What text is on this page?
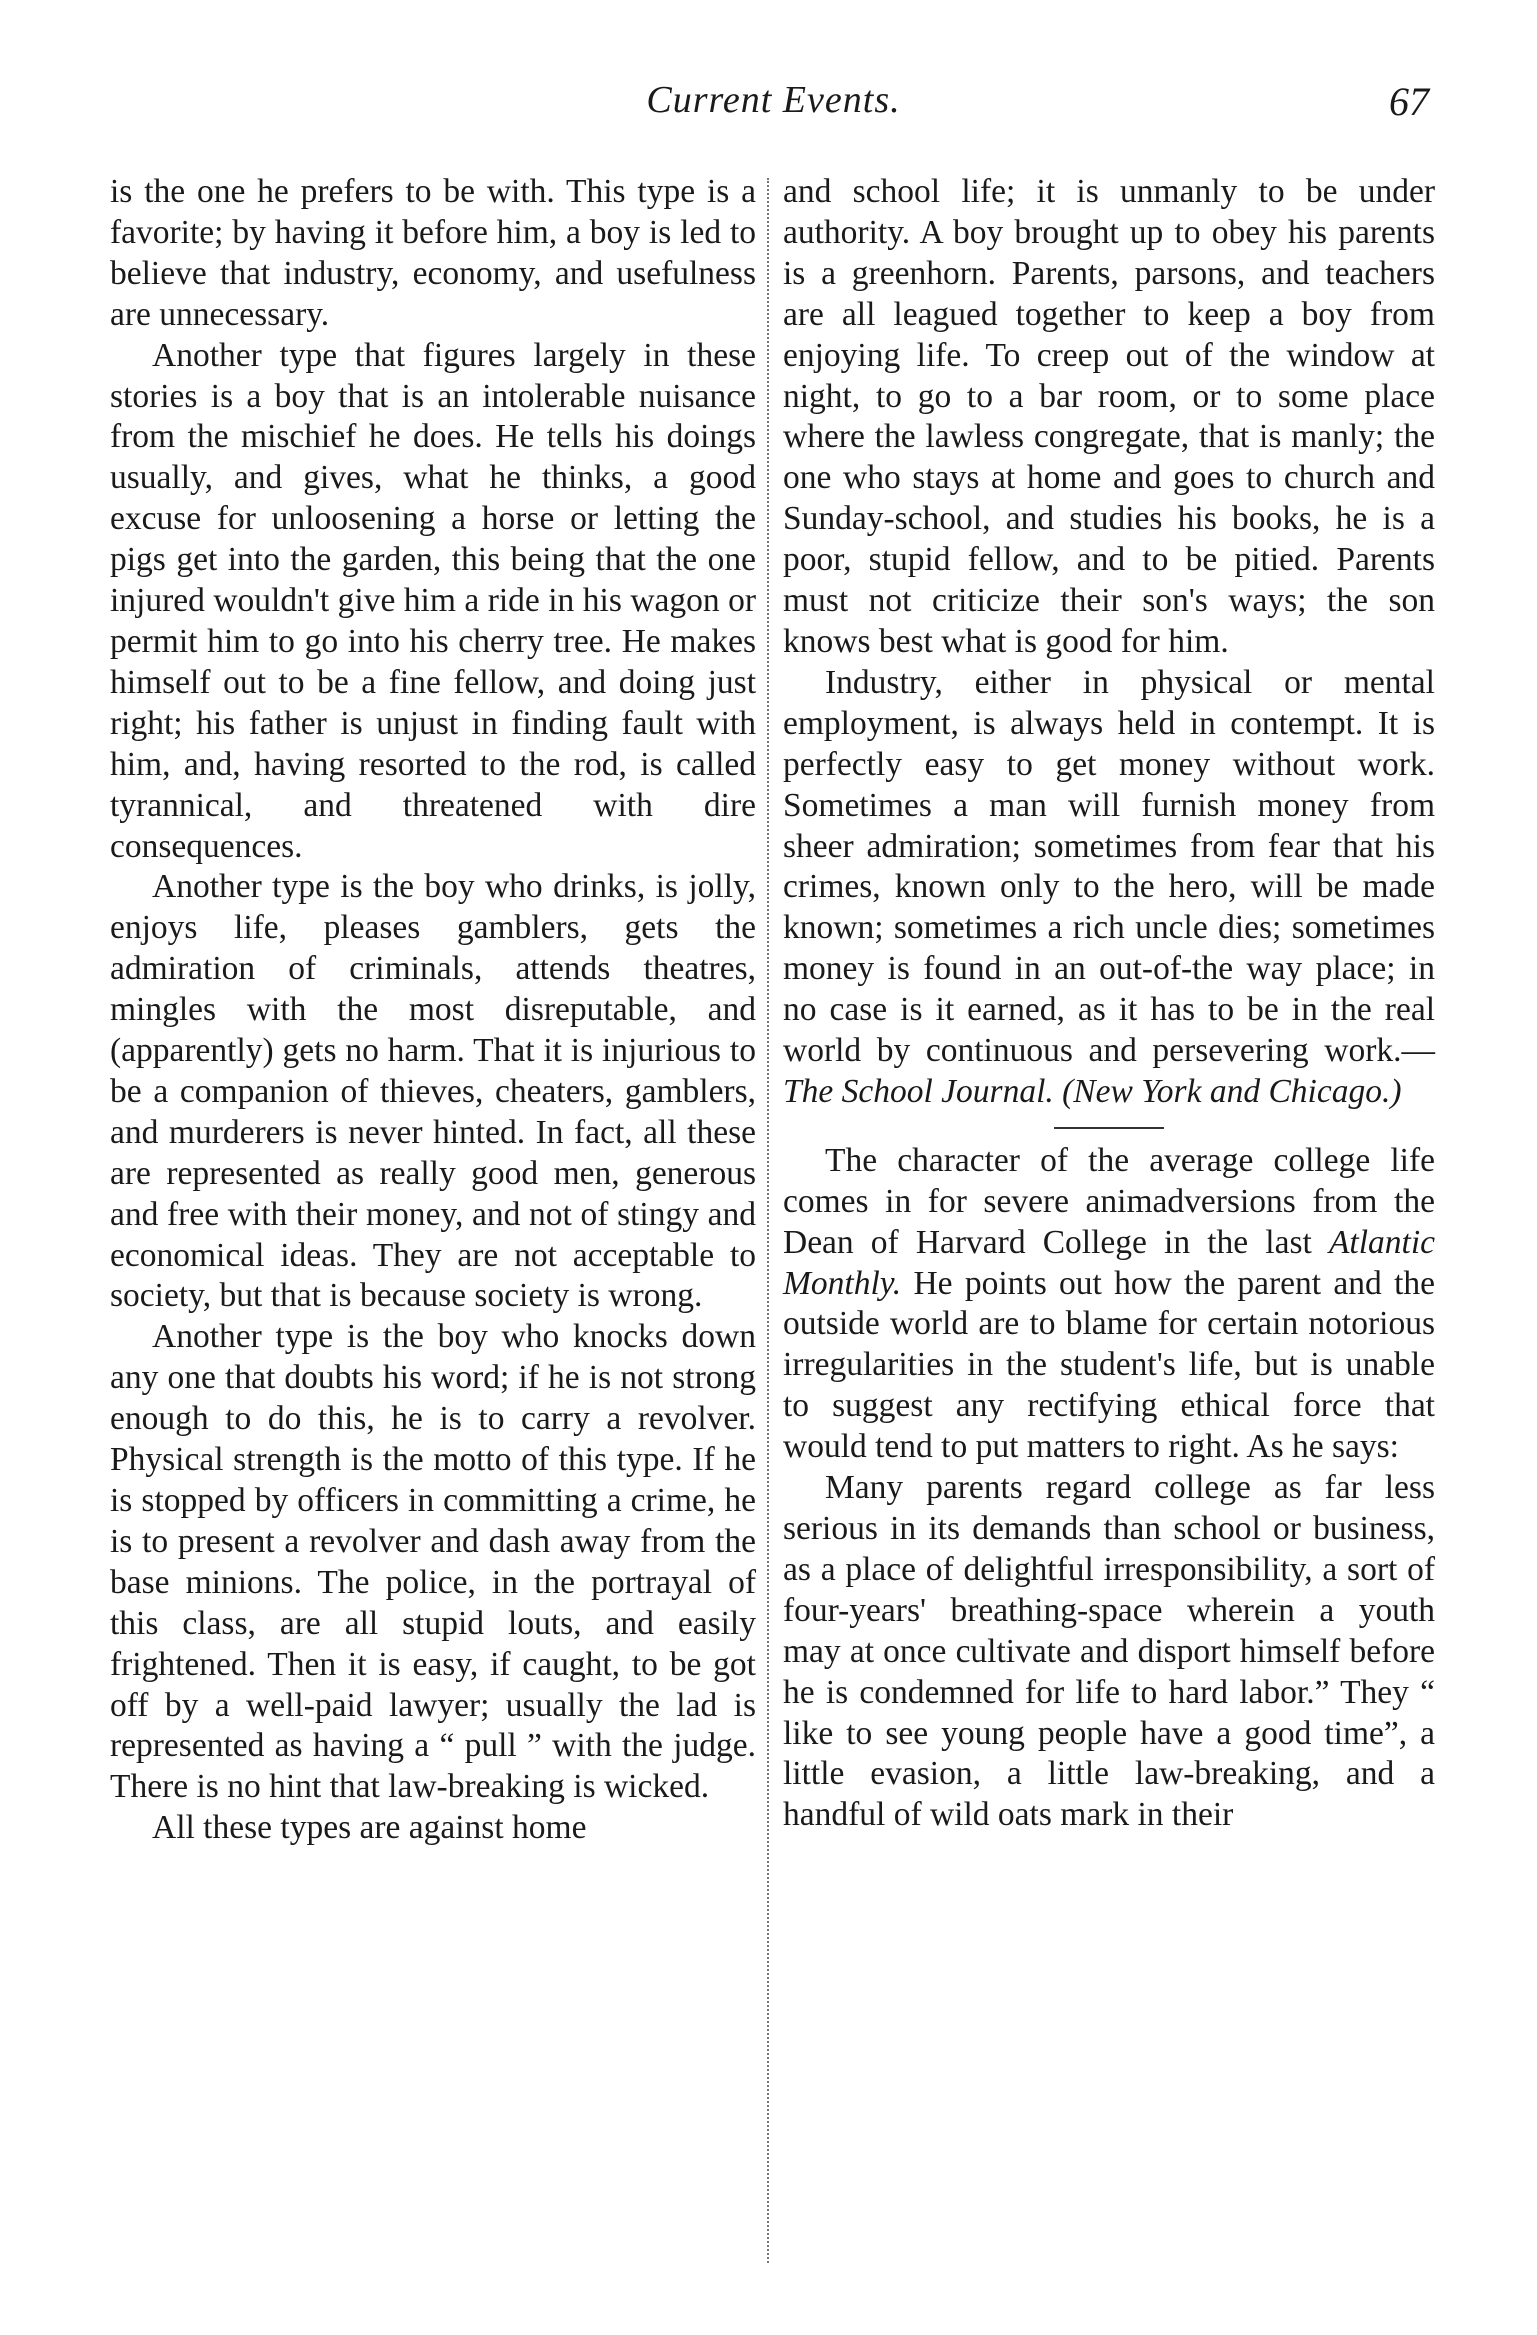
Current Events.	67

is the one he prefers to be with. This type is a favorite; by having it before him, a boy is led to believe that industry, economy, and usefulness are unnecessary.

Another type that figures largely in these stories is a boy that is an intolerable nuisance from the mischief he does. He tells his doings usually, and gives, what he thinks, a good excuse for unloosening a horse or letting the pigs get into the garden, this being that the one injured wouldn't give him a ride in his wagon or permit him to go into his cherry tree. He makes himself out to be a fine fellow, and doing just right; his father is unjust in finding fault with him, and, having resorted to the rod, is called tyrannical, and threatened with dire consequences.

Another type is the boy who drinks, is jolly, enjoys life, pleases gamblers, gets the admiration of criminals, attends theatres, mingles with the most disreputable, and (apparently) gets no harm. That it is injurious to be a companion of thieves, cheaters, gamblers, and murderers is never hinted. In fact, all these are represented as really good men, generous and free with their money, and not of stingy and economical ideas. They are not acceptable to society, but that is because society is wrong.

Another type is the boy who knocks down any one that doubts his word; if he is not strong enough to do this, he is to carry a revolver. Physical strength is the motto of this type. If he is stopped by officers in committing a crime, he is to present a revolver and dash away from the base minions. The police, in the portrayal of this class, are all stupid louts, and easily frightened. Then it is easy, if caught, to be got off by a well-paid lawyer; usually the lad is represented as having a “ pull ” with the judge. There is no hint that law-breaking is wicked.

All these types are against home

and school life; it is unmanly to be under authority. A boy brought up to obey his parents is a greenhorn. Parents, parsons, and teachers are all leagued together to keep a boy from enjoying life. To creep out of the window at night, to go to a bar room, or to some place where the lawless congregate, that is manly; the one who stays at home and goes to church and Sunday-school, and studies his books, he is a poor, stupid fellow, and to be pitied. Parents must not criticize their son's ways; the son knows best what is good for him.

Industry, either in physical or mental employment, is always held in contempt. It is perfectly easy to get money without work. Sometimes a man will furnish money from sheer admiration; sometimes from fear that his crimes, known only to the hero, will be made known; sometimes a rich uncle dies; sometimes money is found in an out-of-the way place; in no case is it earned, as it has to be in the real world by continuous and persevering work.—The School Journal. (New York and Chicago.)

The character of the average college life comes in for severe animadversions from the Dean of Harvard College in the last Atlantic Monthly. He points out how the parent and the outside world are to blame for certain notorious irregularities in the student's life, but is unable to suggest any rectifying ethical force that would tend to put matters to right. As he says:

Many parents regard college as far less serious in its demands than school or business, as a place of delightful irresponsibility, a sort of four-years' breathing-space wherein a youth may at once cultivate and disport himself before he is condemned for life to hard labor.” They “ like to see young people have a good time”, a little evasion, a little law-breaking, and a handful of wild oats mark in their
